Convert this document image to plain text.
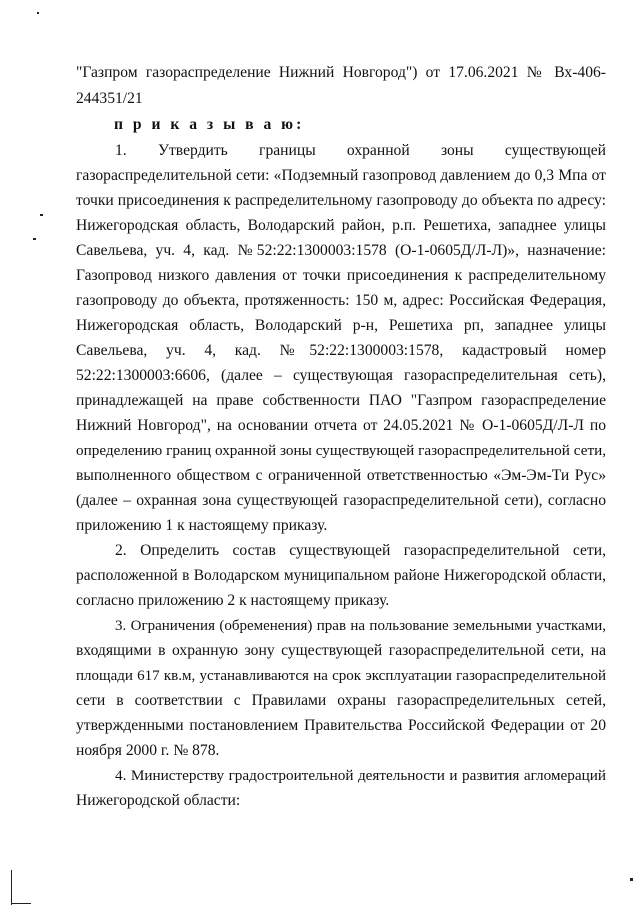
"Газпром газораспределение Нижний Новгород") от 17.06.2021 № Вх-406-
244351/21
п р и к а з ы в а ю:
1. Утвердить границы охранной зоны существующей
газораспределительной сети: «Подземный газопровод давлением до 0,3 Мпа от
точки присоединения к распределительному газопроводу до объекта по адресу:
Нижегородская область, Володарский район, р.п. Решетиха, западнее улицы
Савельева, уч. 4, кад. №52:22:1300003:1578 (О-1-0605Д/Л-Л)», назначение:
Газопровод низкого давления от точки присоединения к распределительному
газопроводу до объекта, протяженность: 150 м, адрес: Российская Федерация,
Нижегородская область, Володарский р-н, Решетиха рп, западнее улицы
Савельева, уч. 4, кад. №52:22:1300003:1578, кадастровый номер
52:22:1300003:6606, (далее – существующая газораспределительная сеть),
принадлежащей на праве собственности ПАО "Газпром газораспределение
Нижний Новгород", на основании отчета от 24.05.2021 № О-1-0605Д/Л-Л по
определению границ охранной зоны существующей газораспределительной сети,
выполненного обществом с ограниченной ответственностью «Эм-Эм-Ти Рус»
(далее – охранная зона существующей газораспределительной сети), согласно
приложению 1 к настоящему приказу.
2. Определить состав существующей газораспределительной сети,
расположенной в Володарском муниципальном районе Нижегородской области,
согласно приложению 2 к настоящему приказу.
3. Ограничения (обременения) прав на пользование земельными участками,
входящими в охранную зону существующей газораспределительной сети, на
площади 617 кв.м, устанавливаются на срок эксплуатации газораспределительной
сети в соответствии с Правилами охраны газораспределительных сетей,
утвержденными постановлением Правительства Российской Федерации от 20
ноября 2000 г. № 878.
4. Министерству градостроительной деятельности и развития агломераций
Нижегородской области:
